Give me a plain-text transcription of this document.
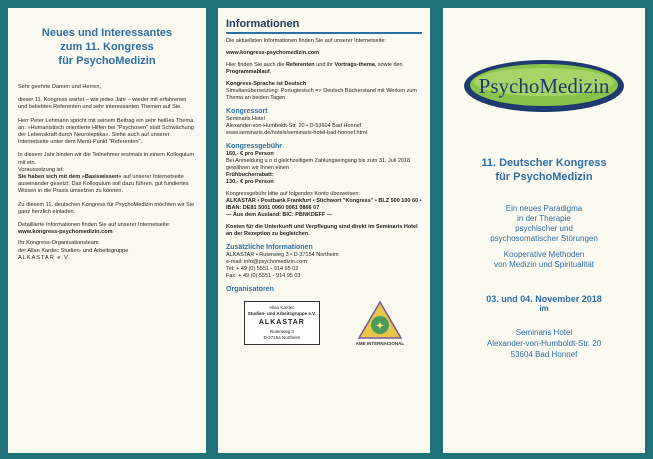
Neues und Interessantes
zum 11. Kongress
für PsychoMedizin

Sehr geehrte Damen und Herren,

dieser 11. Kongress wartet – wie jedes Jahr – wieder mit erfahrenen und beliebten Referenten und sehr interessanten Themen auf Sie.

Herr Peter Lehmann spricht mit seinem Beitrag ein sehr heißes Thema an: »Humanistisch orientierte Hilfen bei "Psychosen" statt Schwächung der Lebenskraft durch Neuroleptika«. Siehe auch auf unserer Internetseite unter dem Menü-Punkt "Referenten".

In diesem Jahr binden wir die Teilnehmer erstmals in einem Kolloquium mit ein.
Voraussetzung ist:
Sie haben sich mit dem »Basiswissen« auf unserer Internetseite auseinander gesetzt. Das Kolloquium soll dazu führen, gut fundiertes Wissen in die Praxis umsetzen zu können.

Zu diesem 11. deutschen Kongress für PsychoMedizin möchten wir Sie ganz herzlich einladen.

Detaillierte Informationen finden Sie auf unserer Internetseite:
www.kongress-psychomedizin.com

Ihr Kongress-Organisationsteam
der Allan Kardec Studien- und Arbeitsgruppe
ALKASTAR e.V.

Informationen

Die aktuellsten Informationen finden Sie auf unserer Internetseite:

www.kongress-psychomedizin.com

Hier finden Sie auch die Referenten und ihr Vortrags-thema, sowie den Programmablauf.

Kongress-Sprache ist Deutsch
Simultanübersetzung: Portugiesisch => Deutsch Bücherstand mit Werken zum Thema an beiden Tagen

Kongressort

Seminaris Hotel
Alexander-von-Humboldt-Str. 20 • D-53604 Bad Honnef
www.seminaris.de/hotels/seminaris-hotel-bad-honnef.html

Kongressgebühr

160,- € pro Person
Bei Anmeldung u n d gleichzeitigem Zahlungseingang bis zum 31. Juli 2018 gewähren wir Ihnen einen
Frühbucherrabatt:
130,- € pro Person

Kongressgebühr bitte auf folgendes Konto überweisen:
ALKASTAR • Postbank Frankfurt • Stichwort "Kongress" • BLZ 500 100 60 • IBAN: DE81 5001 0060 0061 0866 07
— Aus dem Ausland: BIC: PBNKDEFF —

Kosten für die Unterkunft und Verpflegung sind direkt im Seminaris Hotel an der Rezeption zu begleichen.

Zusätzliche Informationen

ALKASTAR • Rutenweg 3 • D-37154 Northeim
e-mail: info@psychomedizin.com
Tel: + 49 (0) 5551 - 914 95 02
Fax: + 49 (0) 5551 - 914 95 03

Organisatoren

Allan Kardec
Studien- und Arbeitsgruppe e.V.
ALKASTAR
Rutenweg 3
D-37154 Northeim
✦
AME INTERNACIONAL
PsychoMedizin
11. Deutscher Kongress
für PsychoMedizin
Ein neues Paradigma
in der Therapie
psychischer und
psychosomatischer Störungen
Kooperative Methoden
von Medizin und Spiritualität

03. und 04. November 2018

im

Seminaris Hotel
Alexander-von-Humboldt-Str. 20
53604 Bad Honnef
